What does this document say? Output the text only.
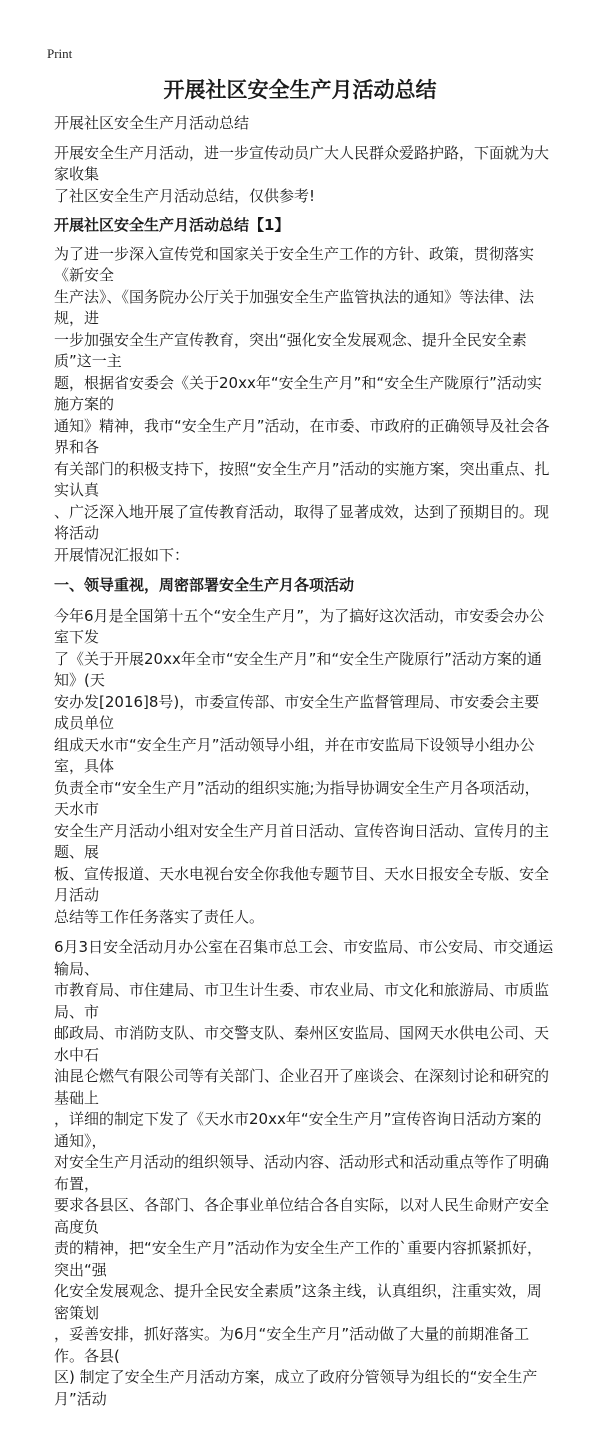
Print
开展社区安全生产月活动总结
开展社区安全生产月活动总结
开展安全生产月活动，进一步宣传动员广大人民群众爱路护路，下面就为大家收集
了社区安全生产月活动总结，仅供参考!
开展社区安全生产月活动总结【1】
为了进一步深入宣传党和国家关于安全生产工作的方针、政策，贯彻落实《新安全
生产法》、《国务院办公厅关于加强安全生产监管执法的通知》等法律、法规，进
一步加强安全生产宣传教育，突出“强化安全发展观念、提升全民安全素质”这一主
题，根据省安委会《关于20xx年“安全生产月”和“安全生产陇原行”活动实施方案的
通知》精神，我市“安全生产月”活动，在市委、市政府的正确领导及社会各界和各
有关部门的积极支持下，按照“安全生产月”活动的实施方案，突出重点、扎实认真
、广泛深入地开展了宣传教育活动，取得了显著成效，达到了预期目的。现将活动
开展情况汇报如下：
一、领导重视，周密部署安全生产月各项活动
今年6月是全国第十五个“安全生产月”，为了搞好这次活动，市安委会办公室下发
了《关于开展20xx年全市“安全生产月”和“安全生产陇原行”活动方案的通知》(天
安办发[2016]8号)，市委宣传部、市安全生产监督管理局、市安委会主要成员单位
组成天水市“安全生产月”活动领导小组，并在市安监局下设领导小组办公室，具体
负责全市“安全生产月”活动的组织实施;为指导协调安全生产月各项活动，天水市
安全生产月活动小组对安全生产月首日活动、宣传咨询日活动、宣传月的主题、展
板、宣传报道、天水电视台安全你我他专题节目、天水日报安全专版、安全月活动
总结等工作任务落实了责任人。
6月3日安全活动月办公室在召集市总工会、市安监局、市公安局、市交通运输局、
市教育局、市住建局、市卫生计生委、市农业局、市文化和旅游局、市质监局、市
邮政局、市消防支队、市交警支队、秦州区安监局、国网天水供电公司、天水中石
油昆仑燃气有限公司等有关部门、企业召开了座谈会、在深刻讨论和研究的基础上
，详细的制定下发了《天水市20xx年“安全生产月”宣传咨询日活动方案的通知》，
对安全生产月活动的组织领导、活动内容、活动形式和活动重点等作了明确布置，
要求各县区、各部门、各企事业单位结合各自实际，以对人民生命财产安全高度负
责的精神，把“安全生产月”活动作为安全生产工作的`重要内容抓紧抓好，突出“强
化安全发展观念、提升全民安全素质”这条主线，认真组织，注重实效，周密策划
，妥善安排，抓好落实。为6月“安全生产月”活动做了大量的前期准备工作。各县(
区) 制定了安全生产月活动方案，成立了政府分管领导为组长的“安全生产月”活动
